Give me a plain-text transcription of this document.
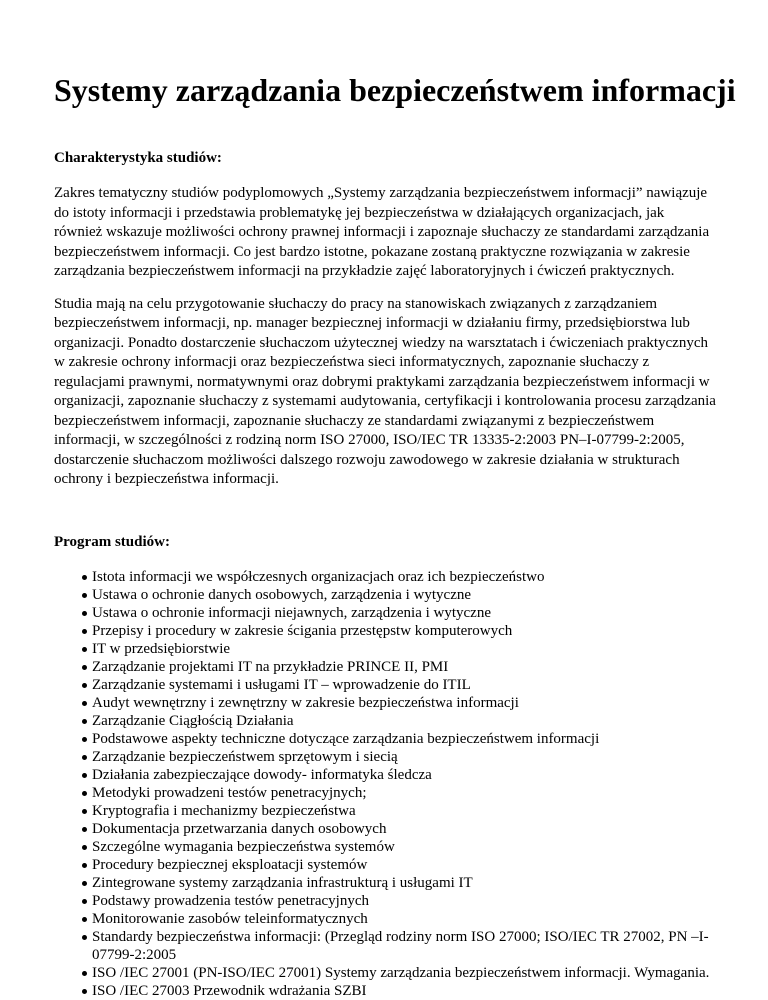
Systemy zarządzania bezpieczeństwem informacji
Charakterystyka studiów:

Zakres tematyczny studiów podyplomowych „Systemy zarządzania bezpieczeństwem informacji” nawiązuje do istoty informacji i przedstawia problematykę jej bezpieczeństwa w działających organizacjach, jak również wskazuje możliwości ochrony prawnej informacji i zapoznaje słuchaczy ze standardami zarządzania bezpieczeństwem informacji. Co jest bardzo istotne, pokazane zostaną praktyczne rozwiązania w zakresie zarządzania bezpieczeństwem informacji na przykładzie zajęć laboratoryjnych i ćwiczeń praktycznych.

Studia mają na celu przygotowanie słuchaczy do pracy na stanowiskach związanych z zarządzaniem bezpieczeństwem informacji, np. manager bezpiecznej informacji w działaniu firmy, przedsiębiorstwa lub organizacji. Ponadto dostarczenie słuchaczom użytecznej wiedzy na warsztatach i ćwiczeniach praktycznych w zakresie ochrony informacji oraz bezpieczeństwa sieci informatycznych, zapoznanie słuchaczy z regulacjami prawnymi, normatywnymi oraz dobrymi praktykami zarządzania bezpieczeństwem informacji w organizacji, zapoznanie słuchaczy z systemami audytowania, certyfikacji i kontrolowania procesu zarządzania bezpieczeństwem informacji, zapoznanie słuchaczy ze standardami związanymi z bezpieczeństwem informacji, w szczególności z rodziną norm ISO 27000, ISO/IEC TR 13335-2:2003 PN–I-07799-2:2005, dostarczenie słuchaczom możliwości dalszego rozwoju zawodowego w zakresie działania w strukturach ochrony i bezpieczeństwa informacji.

Program studiów:
Istota informacji we współczesnych organizacjach oraz ich bezpieczeństwo
Ustawa o ochronie danych osobowych, zarządzenia i wytyczne
Ustawa o ochronie informacji niejawnych, zarządzenia i wytyczne
Przepisy i procedury w zakresie ścigania przestępstw komputerowych
IT w przedsiębiorstwie
Zarządzanie projektami IT na przykładzie PRINCE II, PMI
Zarządzanie systemami i usługami IT – wprowadzenie do ITIL
Audyt wewnętrzny i zewnętrzny w zakresie bezpieczeństwa informacji
Zarządzanie Ciągłością Działania
Podstawowe aspekty techniczne dotyczące zarządzania bezpieczeństwem informacji
Zarządzanie bezpieczeństwem sprzętowym i siecią
Działania zabezpieczające dowody- informatyka śledcza
Metodyki prowadzeni testów penetracyjnych;
Kryptografia i mechanizmy bezpieczeństwa
Dokumentacja przetwarzania danych osobowych
Szczególne wymagania bezpieczeństwa systemów
Procedury bezpiecznej eksploatacji systemów
Zintegrowane systemy zarządzania infrastrukturą i usługami IT
Podstawy prowadzenia testów penetracyjnych
Monitorowanie zasobów teleinformatycznych
Standardy bezpieczeństwa informacji: (Przegląd rodziny norm ISO 27000; ISO/IEC TR 27002, PN –I-07799-2:2005
ISO /IEC 27001 (PN-ISO/IEC 27001) Systemy zarządzania bezpieczeństwem informacji. Wymagania.
ISO /IEC 27003 Przewodnik wdrażania SZBI
